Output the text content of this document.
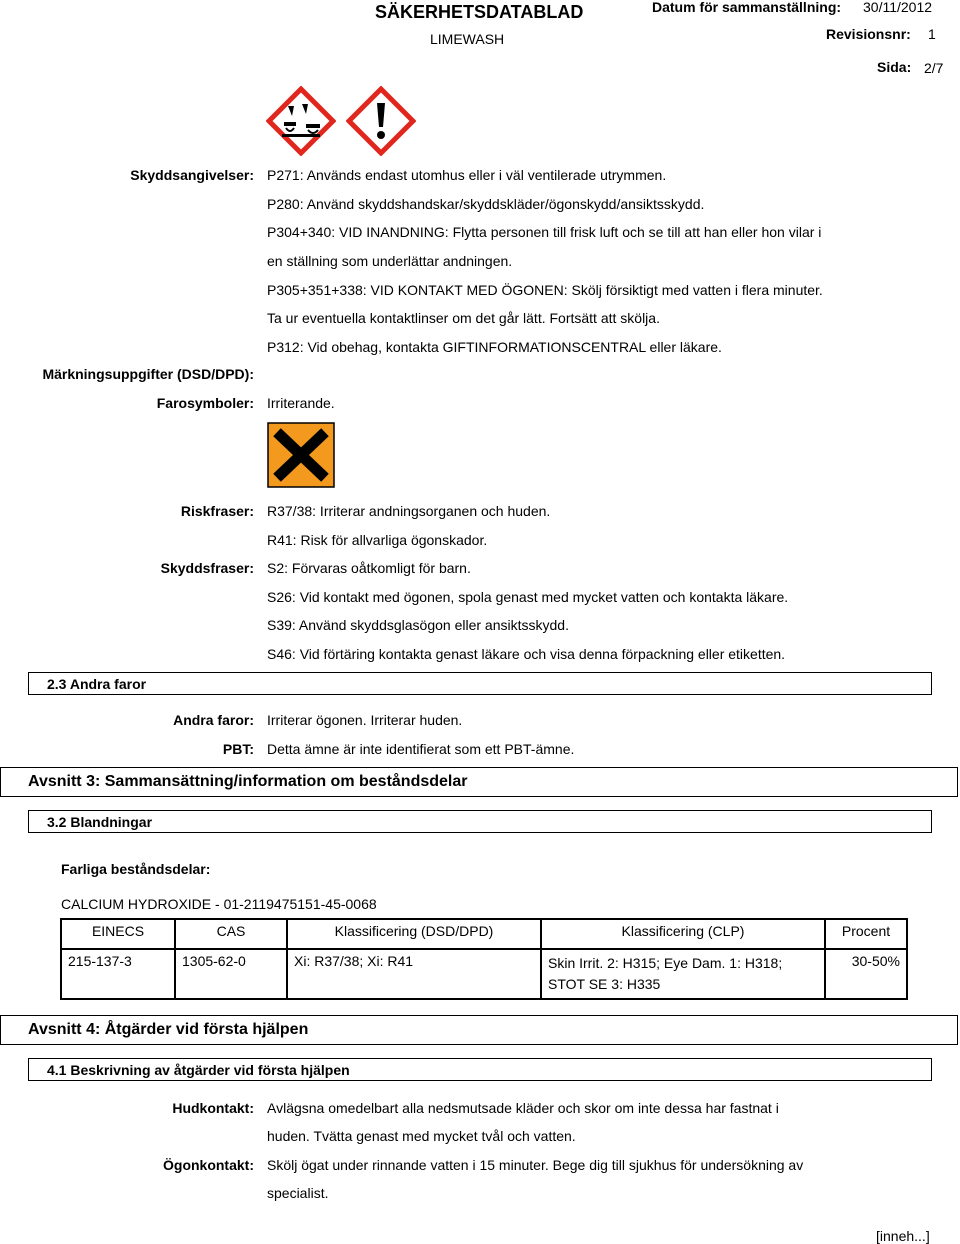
SÄKERHETSDATABLAD
LIMEWASH
Datum för sammanställning: 30/11/2012
Revisionsnr: 1
Sida: 2/7
Skyddsangivelser: P271: Används endast utomhus eller i väl ventilerade utrymmen.
P280: Använd skyddshandskar/skyddskläder/ögonskydd/ansiktsskydd.
P304+340: VID INANDNING: Flytta personen till frisk luft och se till att han eller hon vilar i
en ställning som underlättar andningen.
P305+351+338: VID KONTAKT MED ÖGONEN: Skölj försiktigt med vatten i flera minuter.
Ta ur eventuella kontaktlinser om det går lätt. Fortsätt att skölja.
P312: Vid obehag, kontakta GIFTINFORMATIONSCENTRAL eller läkare.
Märkningsuppgifter (DSD/DPD):
Farosymboler: Irriterande.
Riskfraser: R37/38: Irriterar andningsorganen och huden.
R41: Risk för allvarliga ögonskador.
Skyddsfraser: S2: Förvaras oåtkomligt för barn.
S26: Vid kontakt med ögonen, spola genast med mycket vatten och kontakta läkare.
S39: Använd skyddsglasögon eller ansiktsskydd.
S46: Vid förtäring kontakta genast läkare och visa denna förpackning eller etiketten.
2.3 Andra faror
Andra faror: Irriterar ögonen. Irriterar huden.
PBT: Detta ämne är inte identifierat som ett PBT-ämne.
Avsnitt 3: Sammansättning/information om beståndsdelar
3.2 Blandningar
Farliga beståndsdelar:
CALCIUM HYDROXIDE - 01-2119475151-45-0068
EINECS	CAS	Klassificering (DSD/DPD)	Klassificering (CLP)	Procent
215-137-3	1305-62-0	Xi: R37/38; Xi: R41	Skin Irrit. 2: H315; Eye Dam. 1: H318;
STOT SE 3: H335	30-50%
Avsnitt 4: Åtgärder vid första hjälpen
4.1 Beskrivning av åtgärder vid första hjälpen
Hudkontakt: Avlägsna omedelbart alla nedsmutsade kläder och skor om inte dessa har fastnat i
huden. Tvätta genast med mycket tvål och vatten.
Ögonkontakt: Skölj ögat under rinnande vatten i 15 minuter. Bege dig till sjukhus för undersökning av
specialist.
[inneh...]
